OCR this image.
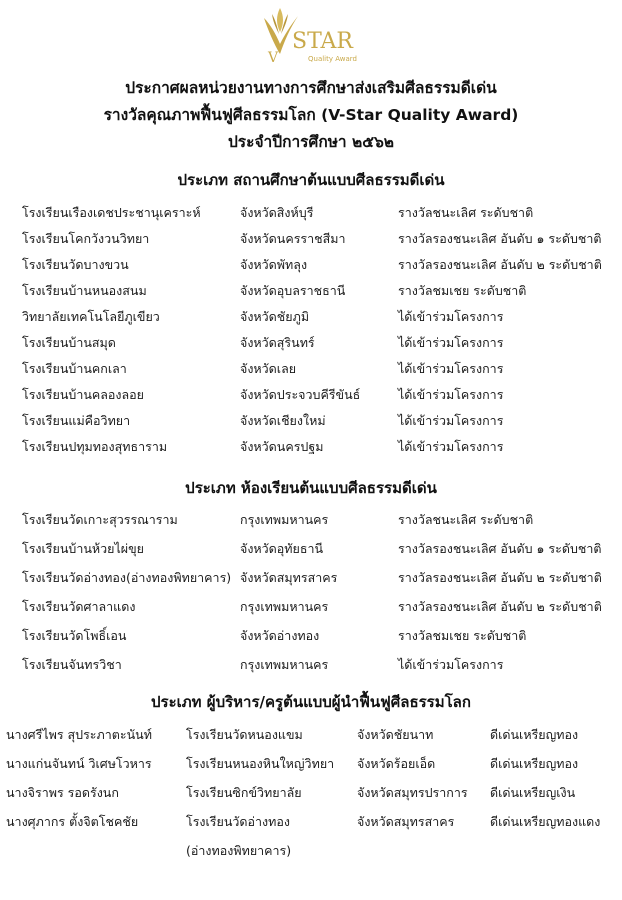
STAR
Quality Award
V
ประกาศผลหน่วยงานทางการศึกษาส่งเสริมศีลธรรมดีเด่น
รางวัลคุณภาพฟื้นฟูศีลธรรมโลก (V-Star Quality Award)
ประจำปีการศึกษา ๒๕๖๒
ประเภท สถานศึกษาต้นแบบศีลธรรมดีเด่น
โรงเรียนเรืองเดชประชานุเคราะห์	จังหวัดสิงห์บุรี	รางวัลชนะเลิศ ระดับชาติ
โรงเรียนโคกวังวนวิทยา	จังหวัดนครราชสีมา	รางวัลรองชนะเลิศ อันดับ ๑ ระดับชาติ
โรงเรียนวัดบางขวน	จังหวัดพัทลุง	รางวัลรองชนะเลิศ อันดับ ๒ ระดับชาติ
โรงเรียนบ้านหนองสนม	จังหวัดอุบลราชธานี	รางวัลชมเชย ระดับชาติ
วิทยาลัยเทคโนโลยีภูเขียว	จังหวัดชัยภูมิ	ได้เข้าร่วมโครงการ
โรงเรียนบ้านสมุด	จังหวัดสุรินทร์	ได้เข้าร่วมโครงการ
โรงเรียนบ้านคกเลา	จังหวัดเลย	ได้เข้าร่วมโครงการ
โรงเรียนบ้านคลองลอย	จังหวัดประจวบคีรีขันธ์	ได้เข้าร่วมโครงการ
โรงเรียนแม่คือวิทยา	จังหวัดเชียงใหม่	ได้เข้าร่วมโครงการ
โรงเรียนปทุมทองสุทธาราม	จังหวัดนครปฐม	ได้เข้าร่วมโครงการ
ประเภท ห้องเรียนต้นแบบศีลธรรมดีเด่น
โรงเรียนวัดเกาะสุวรรณาราม	กรุงเทพมหานคร	รางวัลชนะเลิศ ระดับชาติ
โรงเรียนบ้านห้วยไผ่ขุย	จังหวัดอุทัยธานี	รางวัลรองชนะเลิศ อันดับ ๑ ระดับชาติ
โรงเรียนวัดอ่างทอง(อ่างทองพิทยาคาร) จังหวัดสมุทรสาคร	รางวัลรองชนะเลิศ อันดับ ๒ ระดับชาติ
โรงเรียนวัดศาลาแดง	กรุงเทพมหานคร	รางวัลรองชนะเลิศ อันดับ ๒ ระดับชาติ
โรงเรียนวัดโพธิ์เอน	จังหวัดอ่างทอง	รางวัลชมเชย ระดับชาติ
โรงเรียนจันทรวิชา	กรุงเทพมหานคร	ได้เข้าร่วมโครงการ
ประเภท ผู้บริหาร/ครูต้นแบบผู้นำฟื้นฟูศีลธรรมโลก
นางศรีไพร สุประภาตะนันท์	โรงเรียนวัดหนองแขม	จังหวัดชัยนาท	ดีเด่นเหรียญทอง
นางแก่นจันทน์ วิเศษโวหาร	โรงเรียนหนองหินใหญ่วิทยา จังหวัดร้อยเอ็ด	ดีเด่นเหรียญทอง
นางจิราพร รอดรังนก	โรงเรียนซิกข์วิทยาลัย	จังหวัดสมุทรปราการ ดีเด่นเหรียญเงิน
นางศุภากร ตั้งจิตโชคชัย	โรงเรียนวัดอ่างทอง	จังหวัดสมุทรสาคร	ดีเด่นเหรียญทองแดง
(อ่างทองพิทยาคาร)
